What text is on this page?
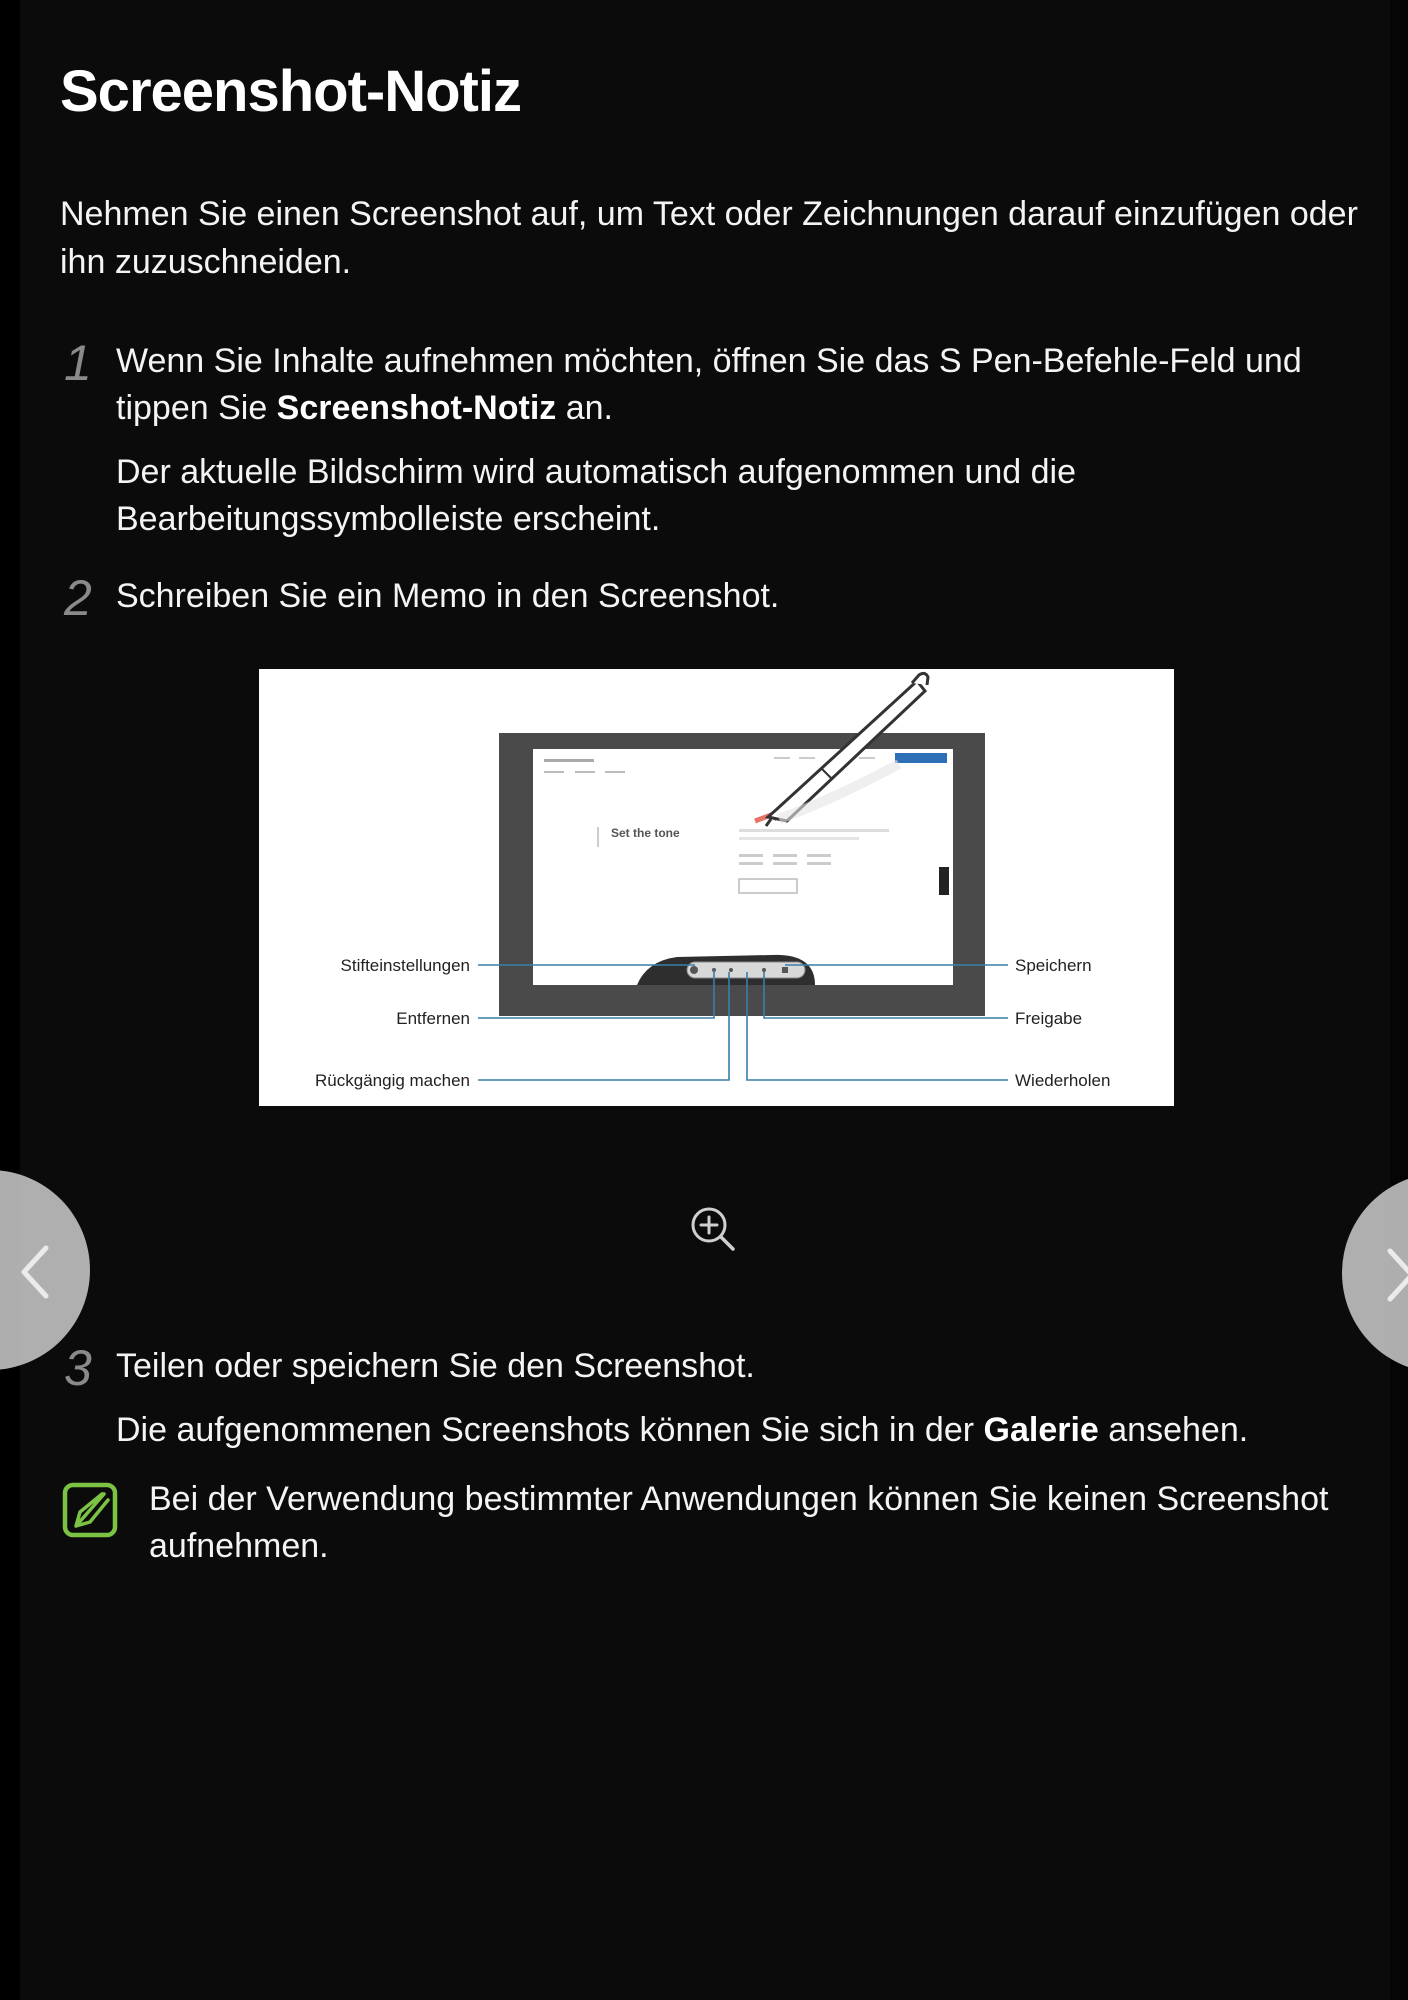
Screenshot-Notiz

Nehmen Sie einen Screenshot auf, um Text oder Zeichnungen darauf einzufügen oder ihn zuzuschneiden.

1 Wenn Sie Inhalte aufnehmen möchten, öffnen Sie das S Pen-Befehle-Feld und tippen Sie Screenshot-Notiz an.

Der aktuelle Bildschirm wird automatisch aufgenommen und die Bearbeitungssymbolleiste erscheint.

2 Schreiben Sie ein Memo in den Screenshot.

Set the tone
Stifteinstellungen
Entfernen
Rückgängig machen
Speichern
Freigabe
Wiederholen
3 Teilen oder speichern Sie den Screenshot.

Die aufgenommenen Screenshots können Sie sich in der Galerie ansehen.

Bei der Verwendung bestimmter Anwendungen können Sie keinen Screenshot aufnehmen.
